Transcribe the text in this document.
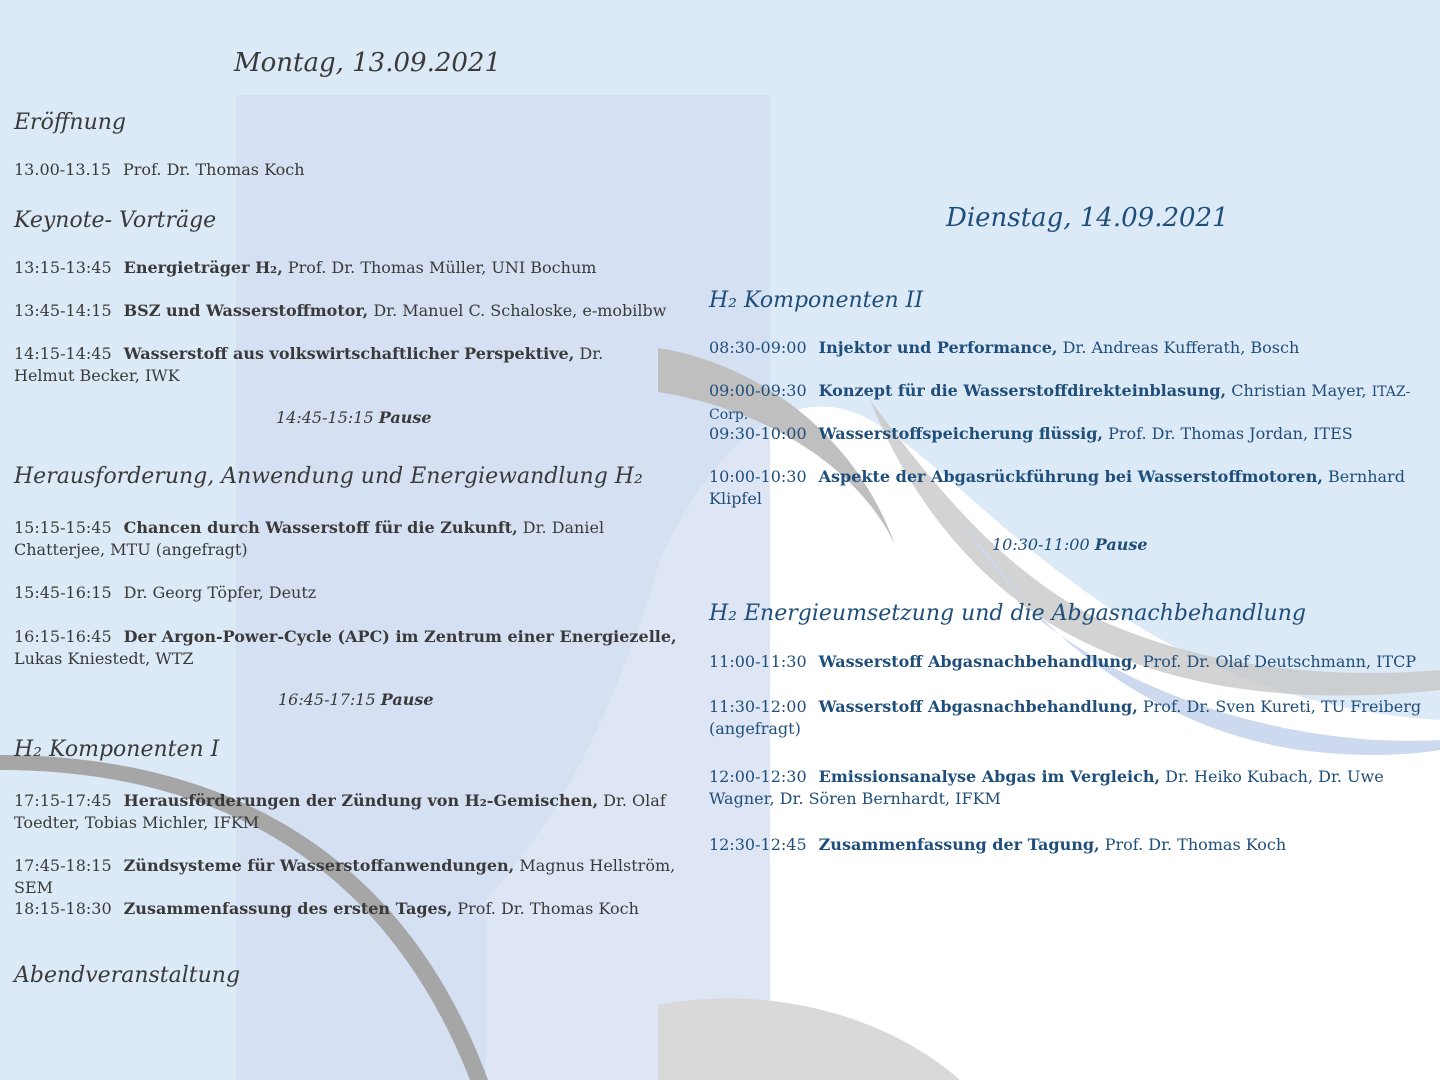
Montag, 13.09.2021
Eröffnung

13.00-13.15 Prof. Dr. Thomas Koch

Keynote- Vorträge

13:15-13:45 Energieträger H₂, Prof. Dr. Thomas Müller, UNI Bochum

13:45-14:15 BSZ und Wasserstoffmotor, Dr. Manuel C. Schaloske, e-mobilbw

14:15-14:45 Wasserstoff aus volkswirtschaftlicher Perspektive, Dr. Helmut Becker, IWK

14:45-15:15 Pause
Herausforderung, Anwendung und Energiewandlung H₂

15:15-15:45 Chancen durch Wasserstoff für die Zukunft, Dr. Daniel Chatterjee, MTU (angefragt)

15:45-16:15 Dr. Georg Töpfer, Deutz

16:15-16:45 Der Argon-Power-Cycle (APC) im Zentrum einer Energiezelle, Lukas Kniestedt, WTZ

16:45-17:15 Pause
H₂ Komponenten I

17:15-17:45 Herausförderungen der Zündung von H₂-Gemischen, Dr. Olaf Toedter, Tobias Michler, IFKM

17:45-18:15 Zündsysteme für Wasserstoffanwendungen, Magnus Hellström, SEM

18:15-18:30 Zusammenfassung des ersten Tages, Prof. Dr. Thomas Koch

Abendveranstaltung
Dienstag, 14.09.2021
H₂ Komponenten II

08:30-09:00 Injektor und Performance, Dr. Andreas Kufferath, Bosch

09:00-09:30 Konzept für die Wasserstoffdirekteinblasung, Christian Mayer, ITAZ-Corp.

09:30-10:00 Wasserstoffspeicherung flüssig, Prof. Dr. Thomas Jordan, ITES

10:00-10:30 Aspekte der Abgasrückführung bei Wasserstoffmotoren, Bernhard Klipfel

10:30-11:00 Pause
H₂ Energieumsetzung und die Abgasnachbehandlung

11:00-11:30 Wasserstoff Abgasnachbehandlung, Prof. Dr. Olaf Deutschmann, ITCP

11:30-12:00 Wasserstoff Abgasnachbehandlung, Prof. Dr. Sven Kureti, TU Freiberg (angefragt)

12:00-12:30 Emissionsanalyse Abgas im Vergleich, Dr. Heiko Kubach, Dr. Uwe Wagner, Dr. Sören Bernhardt, IFKM

12:30-12:45 Zusammenfassung der Tagung, Prof. Dr. Thomas Koch
